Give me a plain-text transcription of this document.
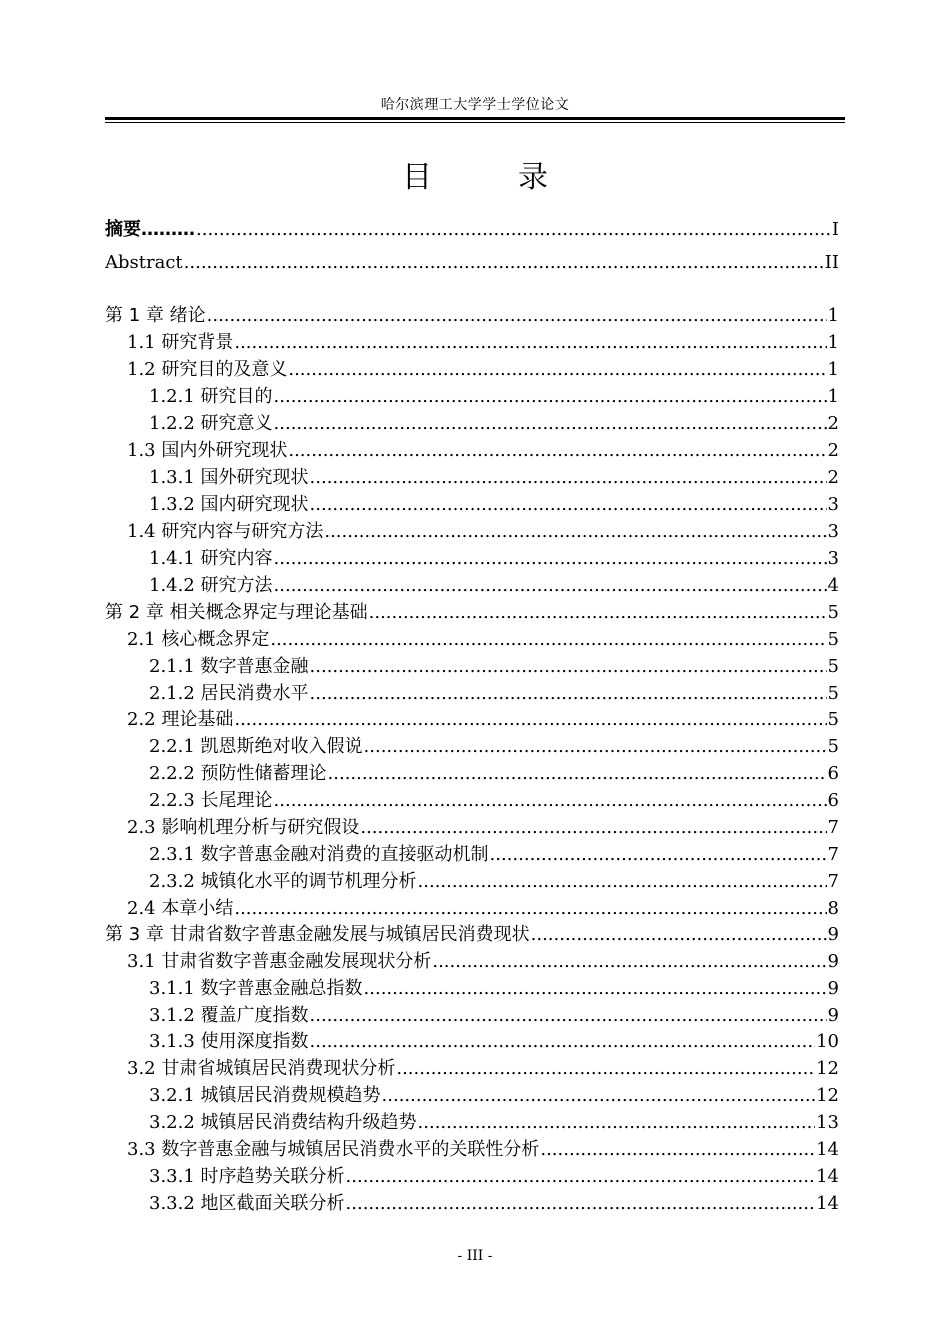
哈尔滨理工大学学士学位论文
目　录
摘要……… .....	I
Abstract .....	II
第 1 章 绪论 .....	1
1.1 研究背景 .....	1
1.2 研究目的及意义 .....	1
1.2.1 研究目的 .....	1
1.2.2 研究意义 .....	2
1.3 国内外研究现状 .....	2
1.3.1 国外研究现状 .....	2
1.3.2 国内研究现状 .....	3
1.4 研究内容与研究方法 .....	3
1.4.1 研究内容 .....	3
1.4.2 研究方法 .....	4
第 2 章 相关概念界定与理论基础 .....	5
2.1 核心概念界定 .....	5
2.1.1 数字普惠金融 .....	5
2.1.2 居民消费水平 .....	5
2.2 理论基础 .....	5
2.2.1 凯恩斯绝对收入假说 .....	5
2.2.2 预防性储蓄理论 .....	6
2.2.3 长尾理论 .....	6
2.3 影响机理分析与研究假设 .....	7
2.3.1 数字普惠金融对消费的直接驱动机制 .....	7
2.3.2 城镇化水平的调节机理分析 .....	7
2.4 本章小结 .....	8
第 3 章 甘肃省数字普惠金融发展与城镇居民消费现状 .....	9
3.1 甘肃省数字普惠金融发展现状分析 .....	9
3.1.1 数字普惠金融总指数 .....	9
3.1.2 覆盖广度指数 .....	9
3.1.3 使用深度指数 .....	10
3.2 甘肃省城镇居民消费现状分析 .....	12
3.2.1 城镇居民消费规模趋势 .....	12
3.2.2 城镇居民消费结构升级趋势 .....	13
3.3 数字普惠金融与城镇居民消费水平的关联性分析 .....	14
3.3.1 时序趋势关联分析 .....	14
3.3.2 地区截面关联分析 .....	14
- III -
